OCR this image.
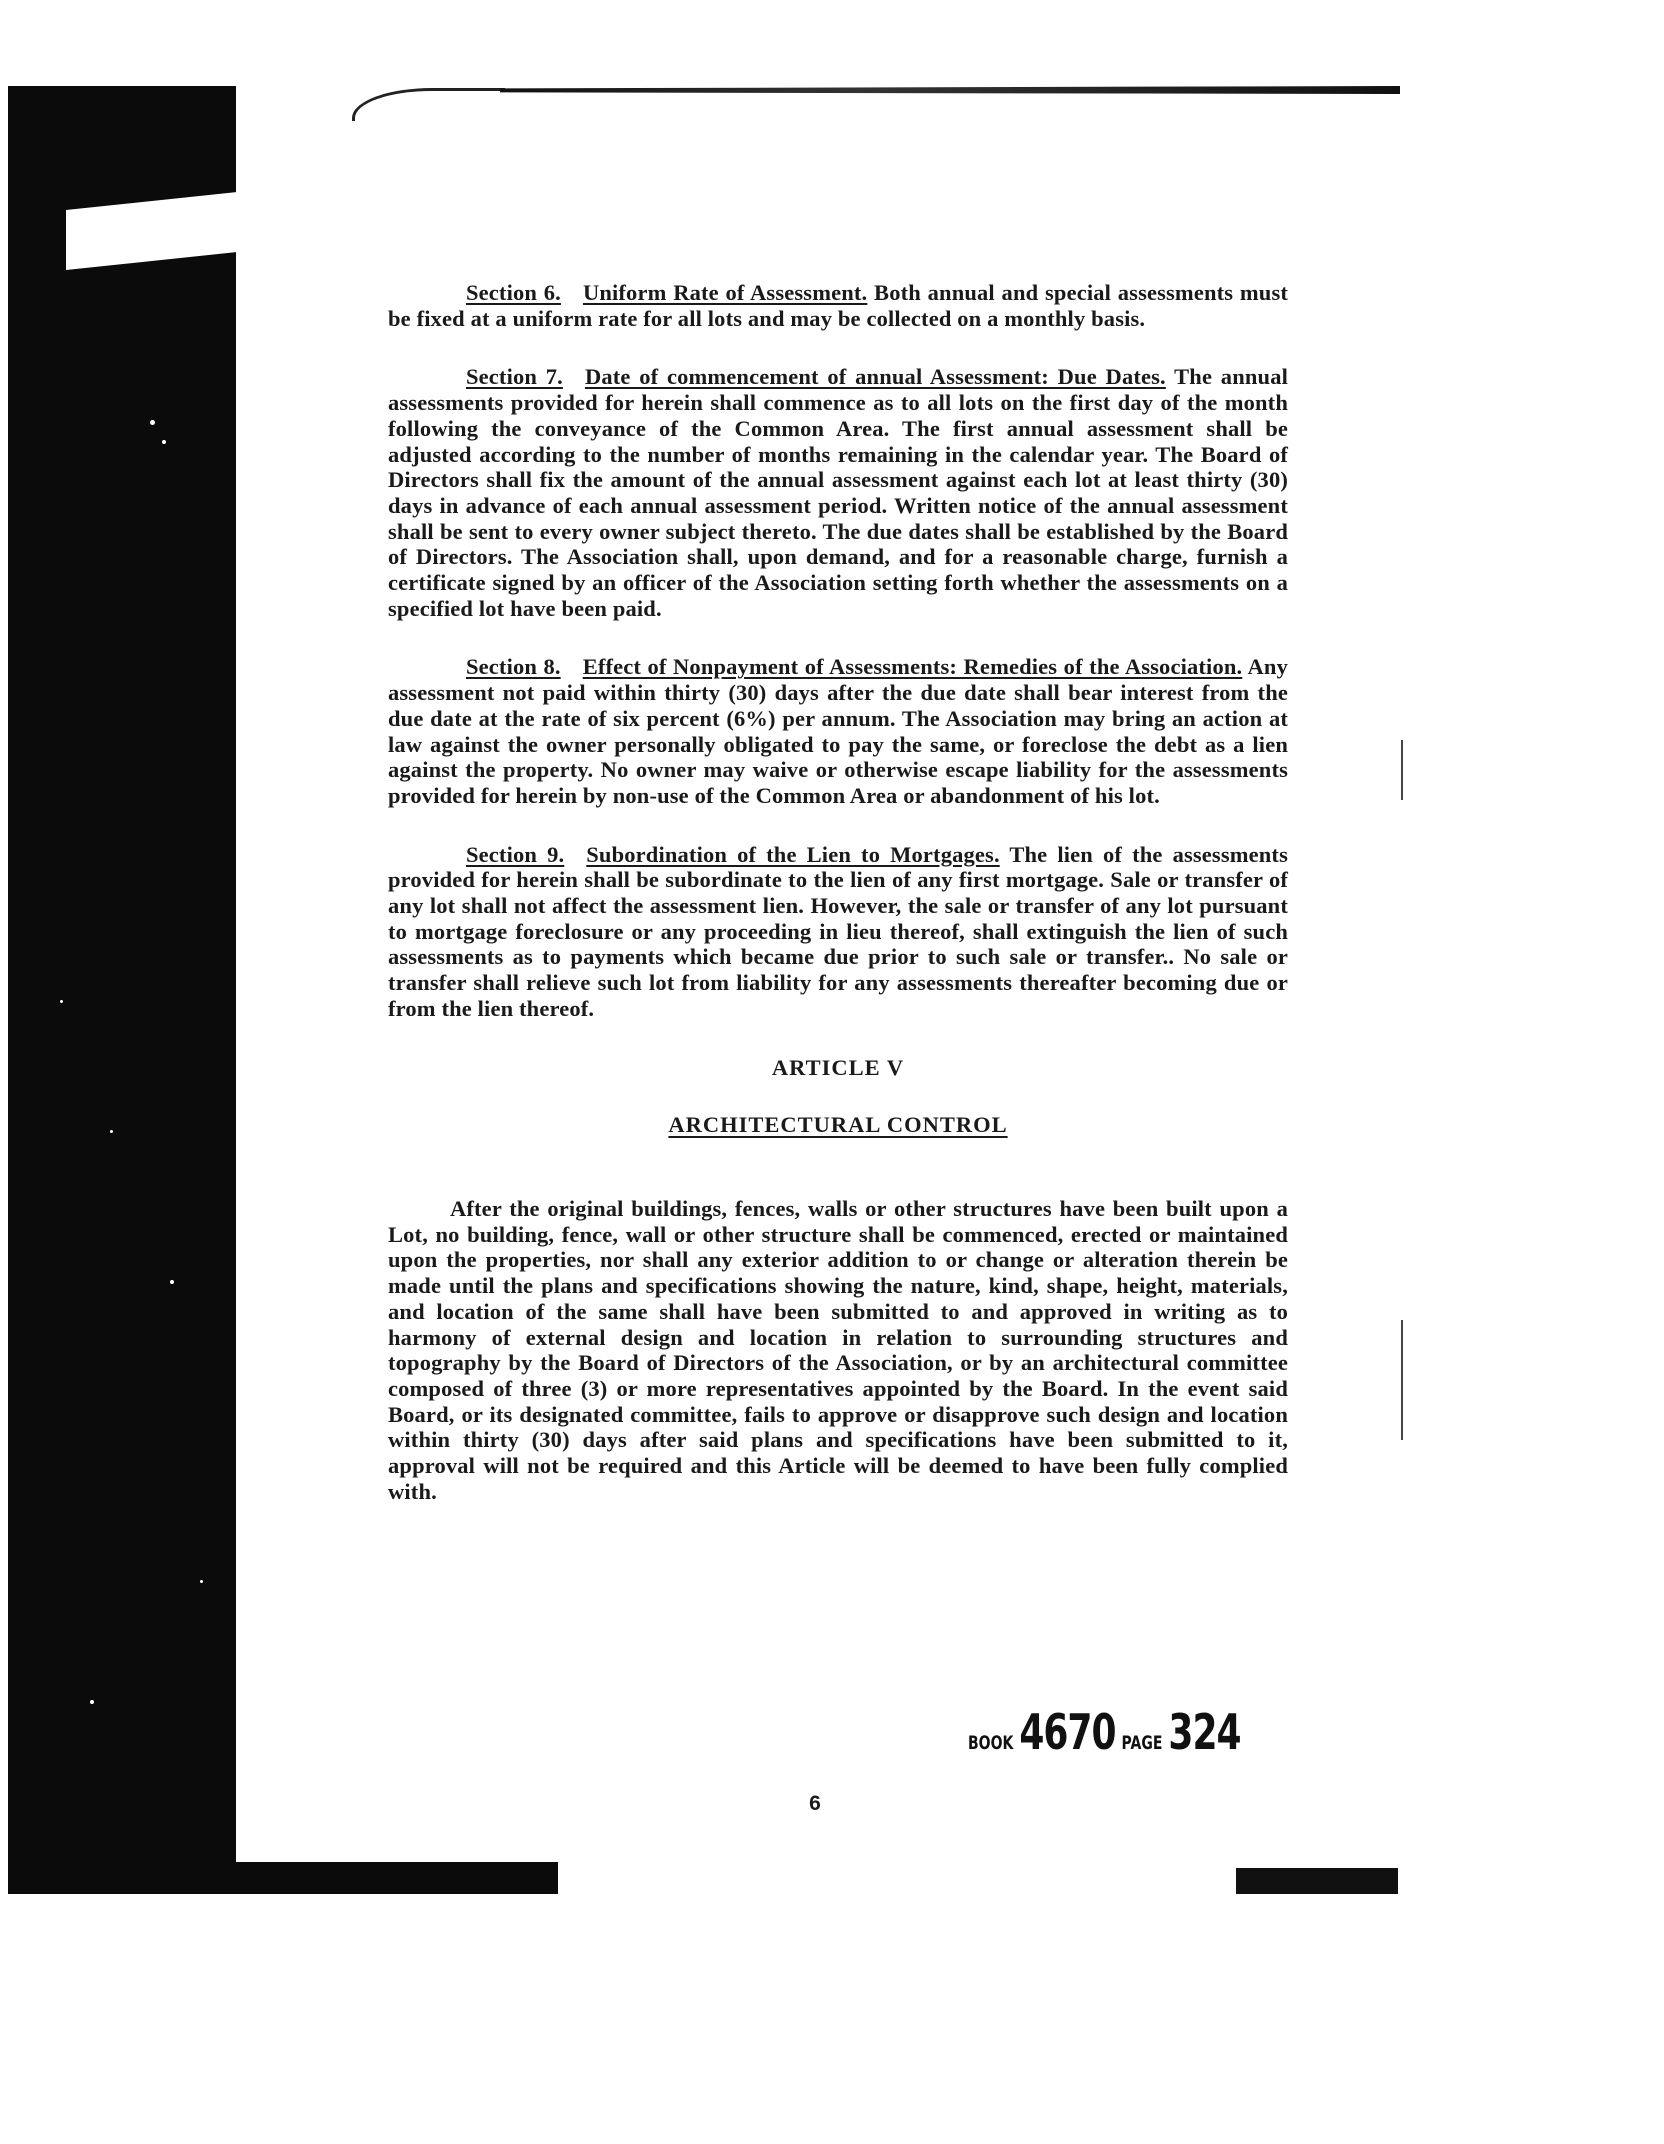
Section 6. Uniform Rate of Assessment. Both annual and special assessments must be fixed at a uniform rate for all lots and may be collected on a monthly basis.

Section 7. Date of commencement of annual Assessment: Due Dates. The annual assessments provided for herein shall commence as to all lots on the first day of the month following the conveyance of the Common Area. The first annual assessment shall be adjusted according to the number of months remaining in the calendar year. The Board of Directors shall fix the amount of the annual assessment against each lot at least thirty (30) days in advance of each annual assessment period. Written notice of the annual assessment shall be sent to every owner subject thereto. The due dates shall be established by the Board of Directors. The Association shall, upon demand, and for a reasonable charge, furnish a certificate signed by an officer of the Association setting forth whether the assessments on a specified lot have been paid.

Section 8. Effect of Nonpayment of Assessments: Remedies of the Association. Any assessment not paid within thirty (30) days after the due date shall bear interest from the due date at the rate of six percent (6%) per annum. The Association may bring an action at law against the owner personally obligated to pay the same, or foreclose the debt as a lien against the property. No owner may waive or otherwise escape liability for the assessments provided for herein by non-use of the Common Area or abandonment of his lot.

Section 9. Subordination of the Lien to Mortgages. The lien of the assessments provided for herein shall be subordinate to the lien of any first mortgage. Sale or transfer of any lot shall not affect the assessment lien. However, the sale or transfer of any lot pursuant to mortgage foreclosure or any proceeding in lieu thereof, shall extinguish the lien of such assessments as to payments which became due prior to such sale or transfer.. No sale or transfer shall relieve such lot from liability for any assessments thereafter becoming due or from the lien thereof.

ARTICLE V
ARCHITECTURAL CONTROL

After the original buildings, fences, walls or other structures have been built upon a Lot, no building, fence, wall or other structure shall be commenced, erected or maintained upon the properties, nor shall any exterior addition to or change or alteration therein be made until the plans and specifications showing the nature, kind, shape, height, materials, and location of the same shall have been submitted to and approved in writing as to harmony of external design and location in relation to surrounding structures and topography by the Board of Directors of the Association, or by an architectural committee composed of three (3) or more representatives appointed by the Board. In the event said Board, or its designated committee, fails to approve or disapprove such design and location within thirty (30) days after said plans and specifications have been submitted to it, approval will not be required and this Article will be deemed to have been fully complied with.

BOOK 4670 PAGE 324
6
